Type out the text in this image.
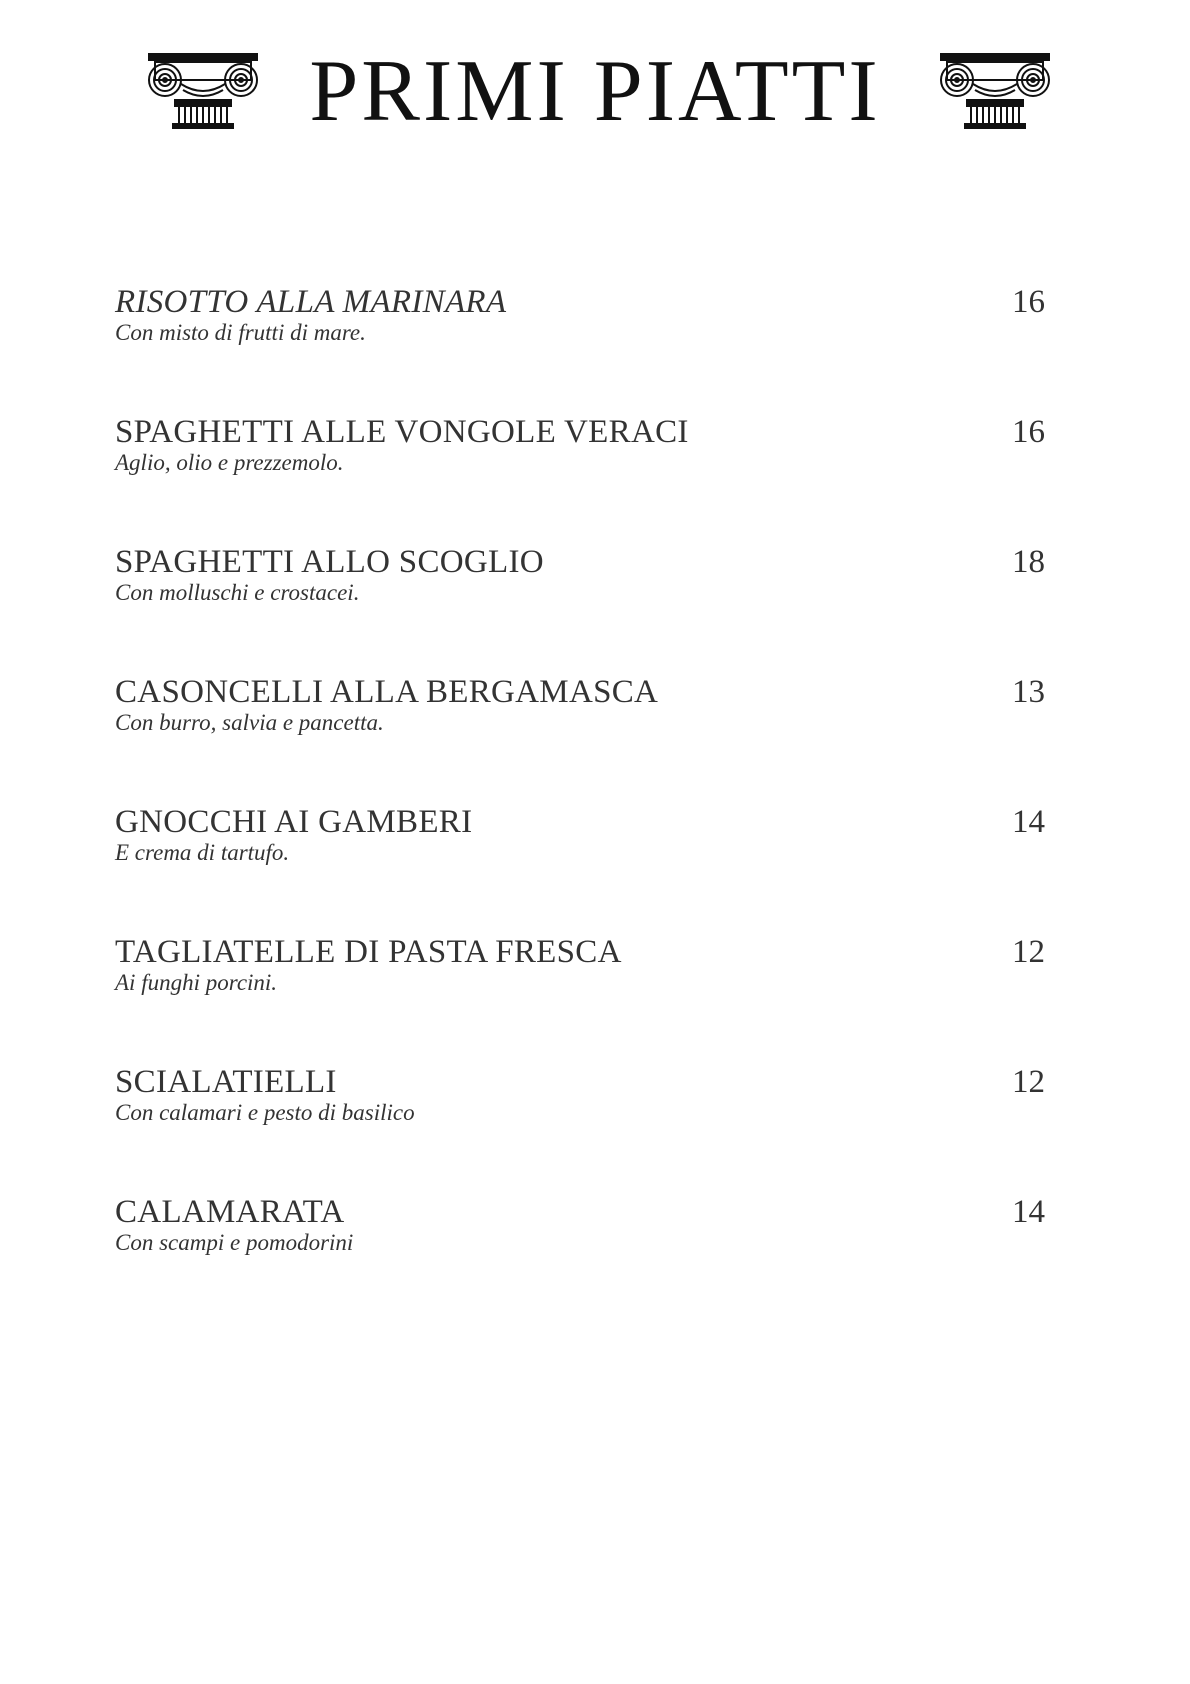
PRIMI PIATTI
RISOTTO ALLA MARINARA	16
Con misto di frutti di mare.
SPAGHETTI ALLE VONGOLE VERACI	16
Aglio, olio e prezzemolo.
SPAGHETTI ALLO SCOGLIO	18
Con molluschi e crostacei.
CASONCELLI ALLA BERGAMASCA	13
Con burro, salvia e pancetta.
GNOCCHI AI GAMBERI	14
E crema di tartufo.
TAGLIATELLE DI PASTA FRESCA	12
Ai funghi porcini.
SCIALATIELLI	12
Con calamari e pesto di basilico
CALAMARATA	14
Con scampi e pomodorini
